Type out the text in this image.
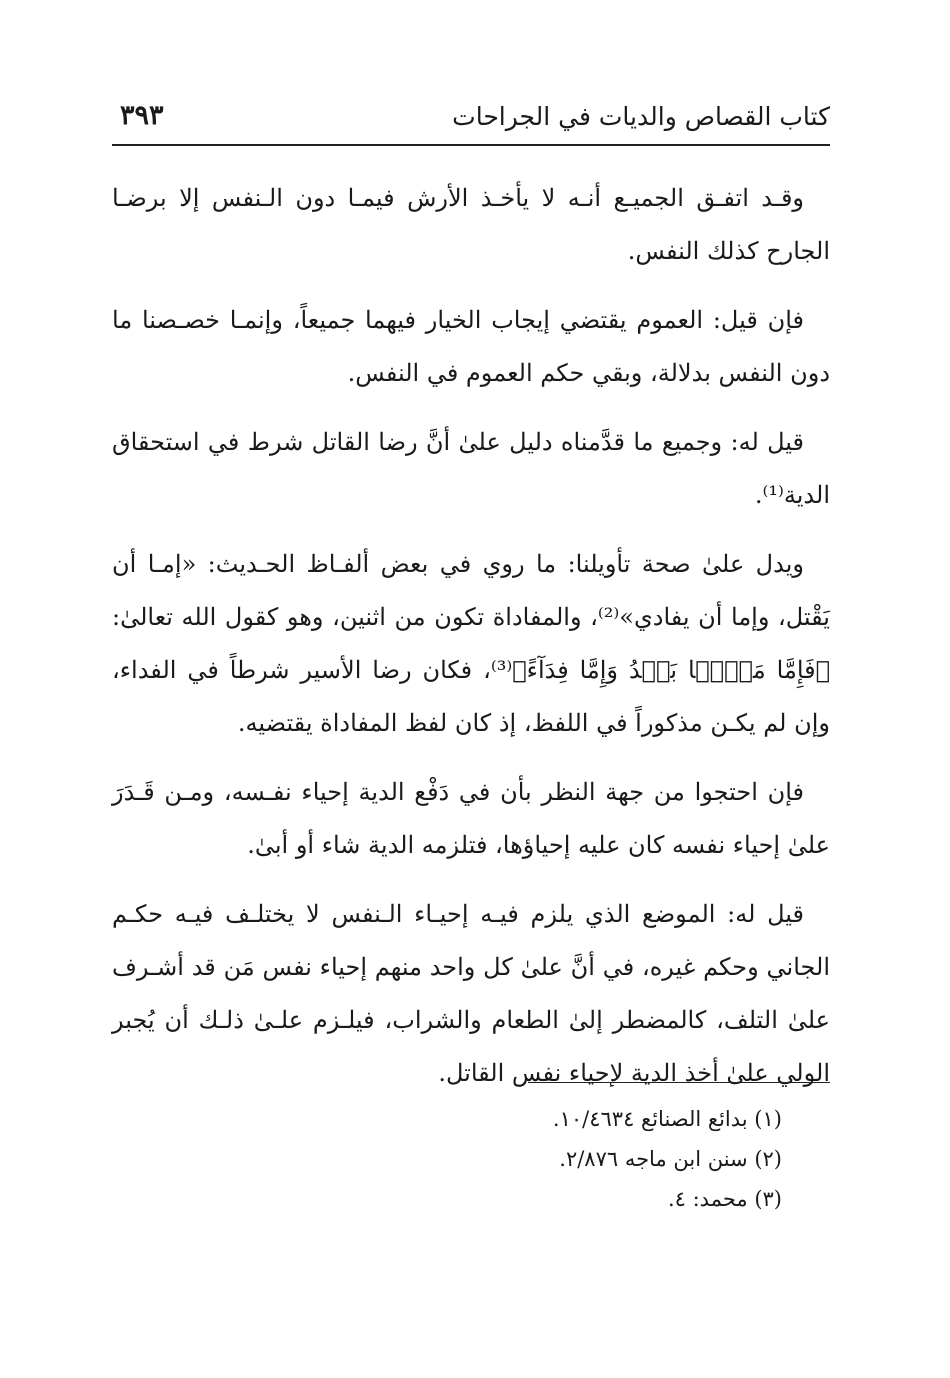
كتاب القصاص والديات في الجراحات
٣٩٣

وقـد اتفـق الجميـع أنـه لا يأخـذ الأرش فيمـا دون الـنفس إلا برضـا الجارح كذلك النفس.

فإن قيل: العموم يقتضي إيجاب الخيار فيهما جميعاً، وإنمـا خصـصنا ما دون النفس بدلالة، وبقي حكم العموم في النفس.

قيل له: وجميع ما قدَّمناه دليل علىٰ أنَّ رضا القاتل شرط في استحقاق الدية⁽¹⁾.

ويدل علىٰ صحة تأويلنا: ما روي في بعض ألفـاظ الحـديث: «إمـا أن يَقْتل، وإما أن يفادي»⁽²⁾، والمفاداة تكون من اثنين، وهو كقول الله تعالىٰ: ﴿فَإِمَّا مَنًّۢا بَعۡدُ وَإِمَّا فِدَآءً﴾⁽³⁾، فكان رضا الأسير شرطاً في الفداء، وإن لم يكـن مذكوراً في اللفظ، إذ كان لفظ المفاداة يقتضيه.

فإن احتجوا من جهة النظر بأن في دَفْع الدية إحياء نفـسه، ومـن قَـدَرَ علىٰ إحياء نفسه كان عليه إحياؤها، فتلزمه الدية شاء أو أبىٰ.

قيل له: الموضع الذي يلزم فيـه إحيـاء الـنفس لا يختلـف فيـه حكـم الجاني وحكم غيره، في أنَّ علىٰ كل واحد منهم إحياء نفس مَن قد أشـرف علىٰ التلف، كالمضطر إلىٰ الطعام والشراب، فيلـزم علـىٰ ذلـك أن يُجبر الولي علىٰ أخذ الدية لإحياء نفس القاتل.

(١) بدائع الصنائع ١٠/٤٦٣٤.
(٢) سنن ابن ماجه ٢/٨٧٦.
(٣) محمد: ٤.
